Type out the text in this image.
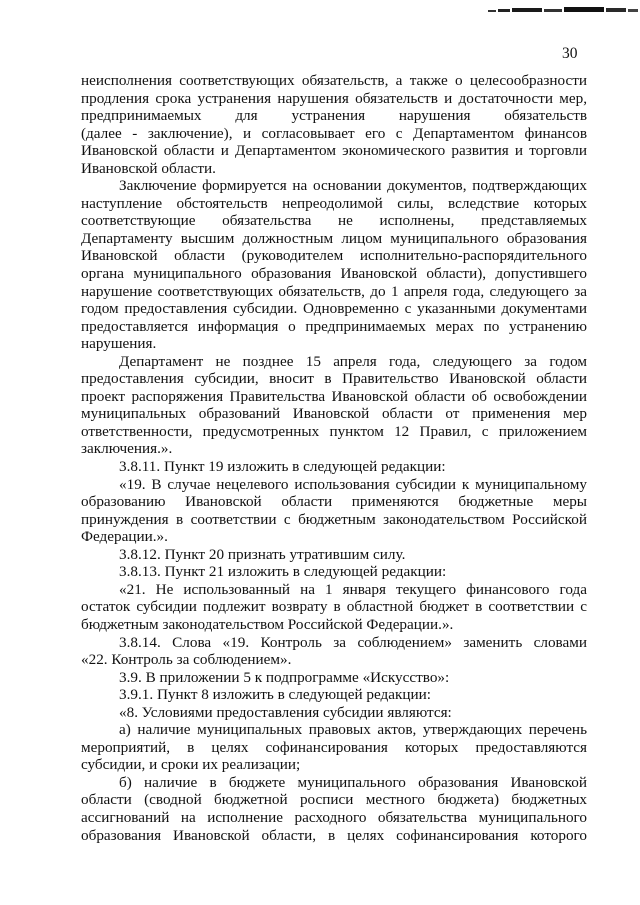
30
неисполнения соответствующих обязательств, а также о целесообразности
продления срока устранения нарушения обязательств и достаточности мер,
предпринимаемых для устранения нарушения обязательств
(далее - заключение), и согласовывает его с Департаментом финансов
Ивановской области и Департаментом экономического развития и торговли
Ивановской области.
Заключение формируется на основании документов, подтверждающих
наступление обстоятельств непреодолимой силы, вследствие которых
соответствующие обязательства не исполнены, представляемых
Департаменту высшим должностным лицом муниципального образования
Ивановской области (руководителем исполнительно-распорядительного
органа муниципального образования Ивановской области), допустившего
нарушение соответствующих обязательств, до 1 апреля года, следующего за
годом предоставления субсидии. Одновременно с указанными документами
предоставляется информация о предпринимаемых мерах по устранению
нарушения.
Департамент не позднее 15 апреля года, следующего за годом
предоставления субсидии, вносит в Правительство Ивановской области
проект распоряжения Правительства Ивановской области об освобождении
муниципальных образований Ивановской области от применения мер
ответственности, предусмотренных пунктом 12 Правил, с приложением
заключения.».
3.8.11. Пункт 19 изложить в следующей редакции:
«19. В случае нецелевого использования субсидии к муниципальному
образованию Ивановской области применяются бюджетные меры
принуждения в соответствии с бюджетным законодательством Российской
Федерации.».
3.8.12. Пункт 20 признать утратившим силу.
3.8.13. Пункт 21 изложить в следующей редакции:
«21. Не использованный на 1 января текущего финансового года
остаток субсидии подлежит возврату в областной бюджет в соответствии с
бюджетным законодательством Российской Федерации.».
3.8.14. Слова «19. Контроль за соблюдением» заменить словами
«22. Контроль за соблюдением».
3.9. В приложении 5 к подпрограмме «Искусство»:
3.9.1. Пункт 8 изложить в следующей редакции:
«8. Условиями предоставления субсидии являются:
а) наличие муниципальных правовых актов, утверждающих перечень
мероприятий, в целях софинансирования которых предоставляются
субсидии, и сроки их реализации;
б) наличие в бюджете муниципального образования Ивановской
области (сводной бюджетной росписи местного бюджета) бюджетных
ассигнований на исполнение расходного обязательства муниципального
образования Ивановской области, в целях софинансирования которого
